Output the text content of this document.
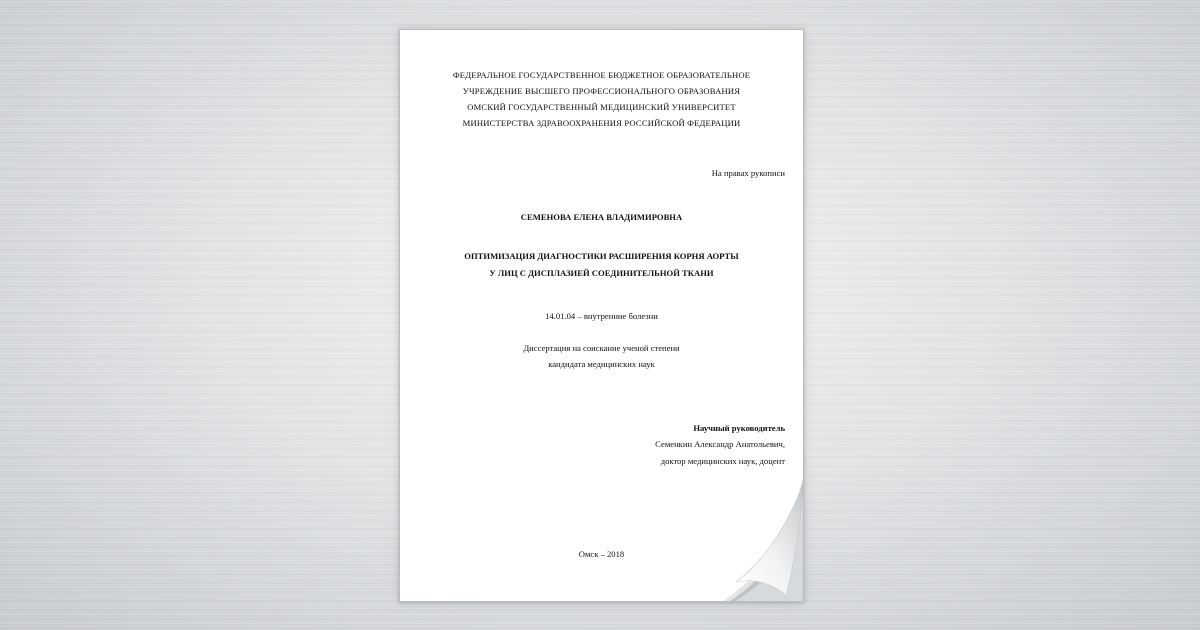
ФЕДЕРАЛЬНОЕ ГОСУДАРСТВЕННОЕ БЮДЖЕТНОЕ ОБРАЗОВАТЕЛЬНОЕ
УЧРЕЖДЕНИЕ ВЫСШЕГО ПРОФЕССИОНАЛЬНОГО ОБРАЗОВАНИЯ
ОМСКИЙ ГОСУДАРСТВЕННЫЙ МЕДИЦИНСКИЙ УНИВЕРСИТЕТ
МИНИСТЕРСТВА ЗДРАВООХРАНЕНИЯ РОССИЙСКОЙ ФЕДЕРАЦИИ
На правах рукописи
СЕМЕНОВА ЕЛЕНА ВЛАДИМИРОВНА
ОПТИМИЗАЦИЯ ДИАГНОСТИКИ РАСШИРЕНИЯ КОРНЯ АОРТЫ
У ЛИЦ С ДИСПЛАЗИЕЙ СОЕДИНИТЕЛЬНОЙ ТКАНИ
14.01.04 – внутренние болезни
Диссертация на соискание ученой степени
кандидата медицинских наук
Научный руководитель
Семенкин Александр Анатольевич,
доктор медицинских наук, доцент
Омск – 2018
